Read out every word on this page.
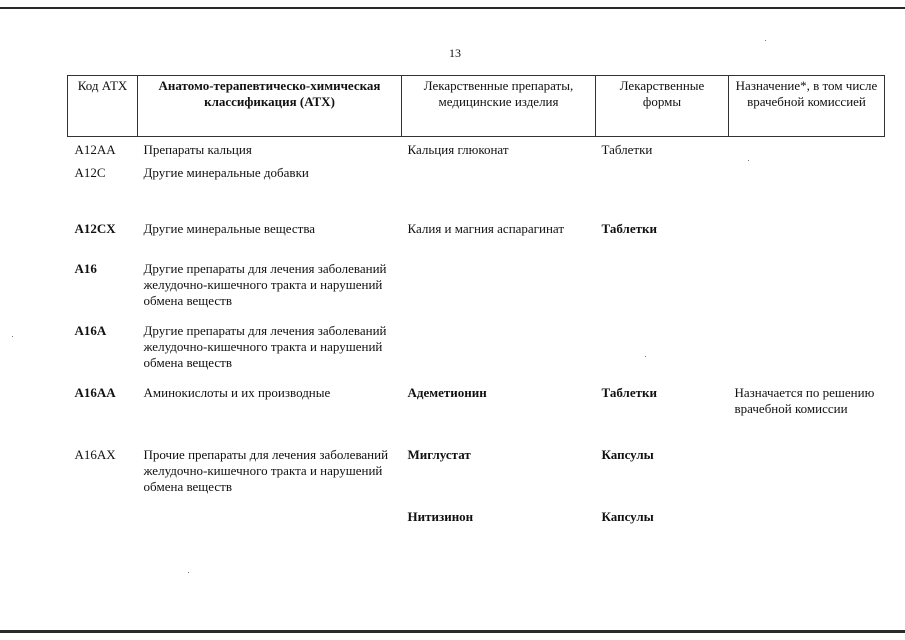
13
Код АТХ	Анатомо-терапевтическо-химическая классификация (АТХ)	Лекарственные препараты, медицинские изделия	Лекарственные формы	Назначение*, в том числе врачебной комиссией
A12AA	Препараты кальция	Кальция глюконат	Таблетки	
A12C	Другие минеральные добавки			
A12CX	Другие минеральные вещества	Калия и магния аспарагинат	Таблетки	
A16	Другие препараты для лечения заболеваний желудочно-кишечного тракта и нарушений обмена веществ			
A16A	Другие препараты для лечения заболеваний желудочно-кишечного тракта и нарушений обмена веществ			
A16AA	Аминокислоты и их производные	Адеметионин	Таблетки	Назначается по решению врачебной комиссии
A16AX	Прочие препараты для лечения заболеваний желудочно-кишечного тракта и нарушений обмена веществ	Миглустат	Капсулы	
		Нитизинон	Капсулы	
